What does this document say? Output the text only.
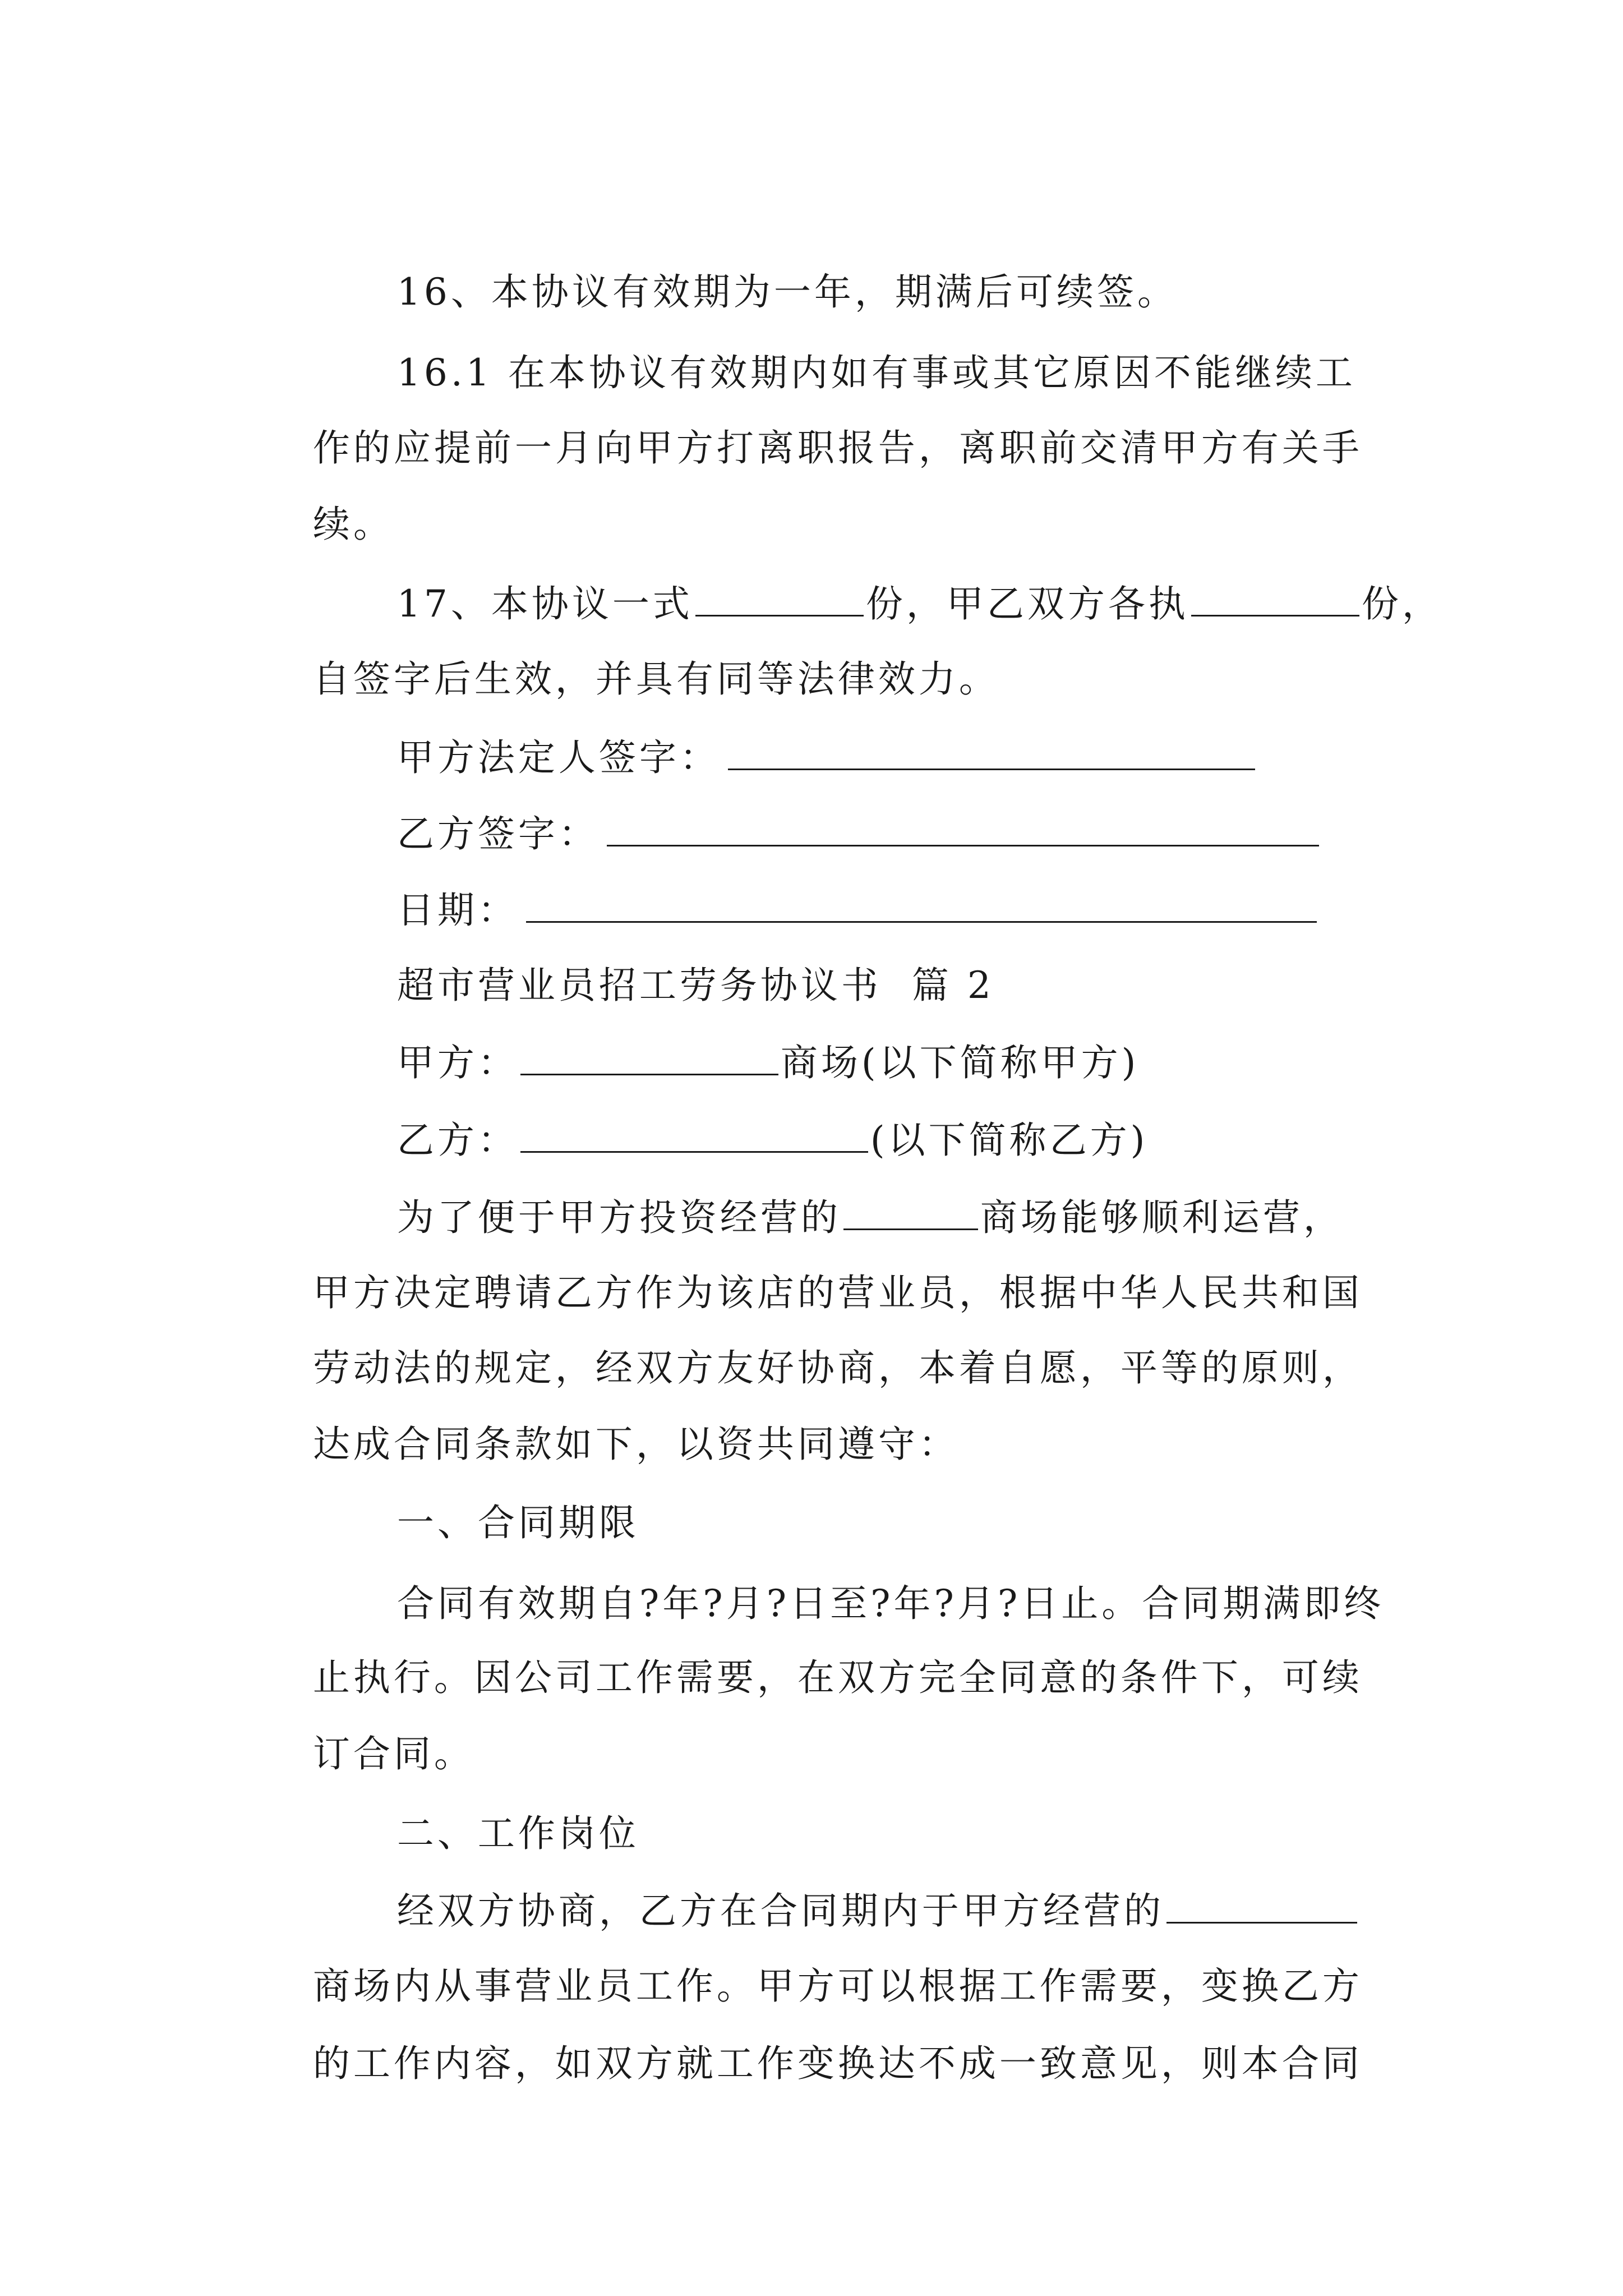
16、本协议有效期为一年，期满后可续签。

16.1 在本协议有效期内如有事或其它原因不能继续工

作的应提前一月向甲方打离职报告，离职前交清甲方有关手

续。

17、本协议一式	份，甲乙双方各执	份，

自签字后生效，并具有同等法律效力。

甲方法定人签字：

乙方签字：

日期：

超市营业员招工劳务协议书  篇 2

甲方：	商场(以下简称甲方)

乙方：	(以下简称乙方)

为了便于甲方投资经营的	商场能够顺利运营，

甲方决定聘请乙方作为该店的营业员，根据中华人民共和国

劳动法的规定，经双方友好协商，本着自愿，平等的原则，

达成合同条款如下，以资共同遵守：

一、合同期限

合同有效期自?年?月?日至?年?月?日止。合同期满即终

止执行。因公司工作需要，在双方完全同意的条件下，可续

订合同。

二、工作岗位

经双方协商，乙方在合同期内于甲方经营的

商场内从事营业员工作。甲方可以根据工作需要，变换乙方

的工作内容，如双方就工作变换达不成一致意见，则本合同
